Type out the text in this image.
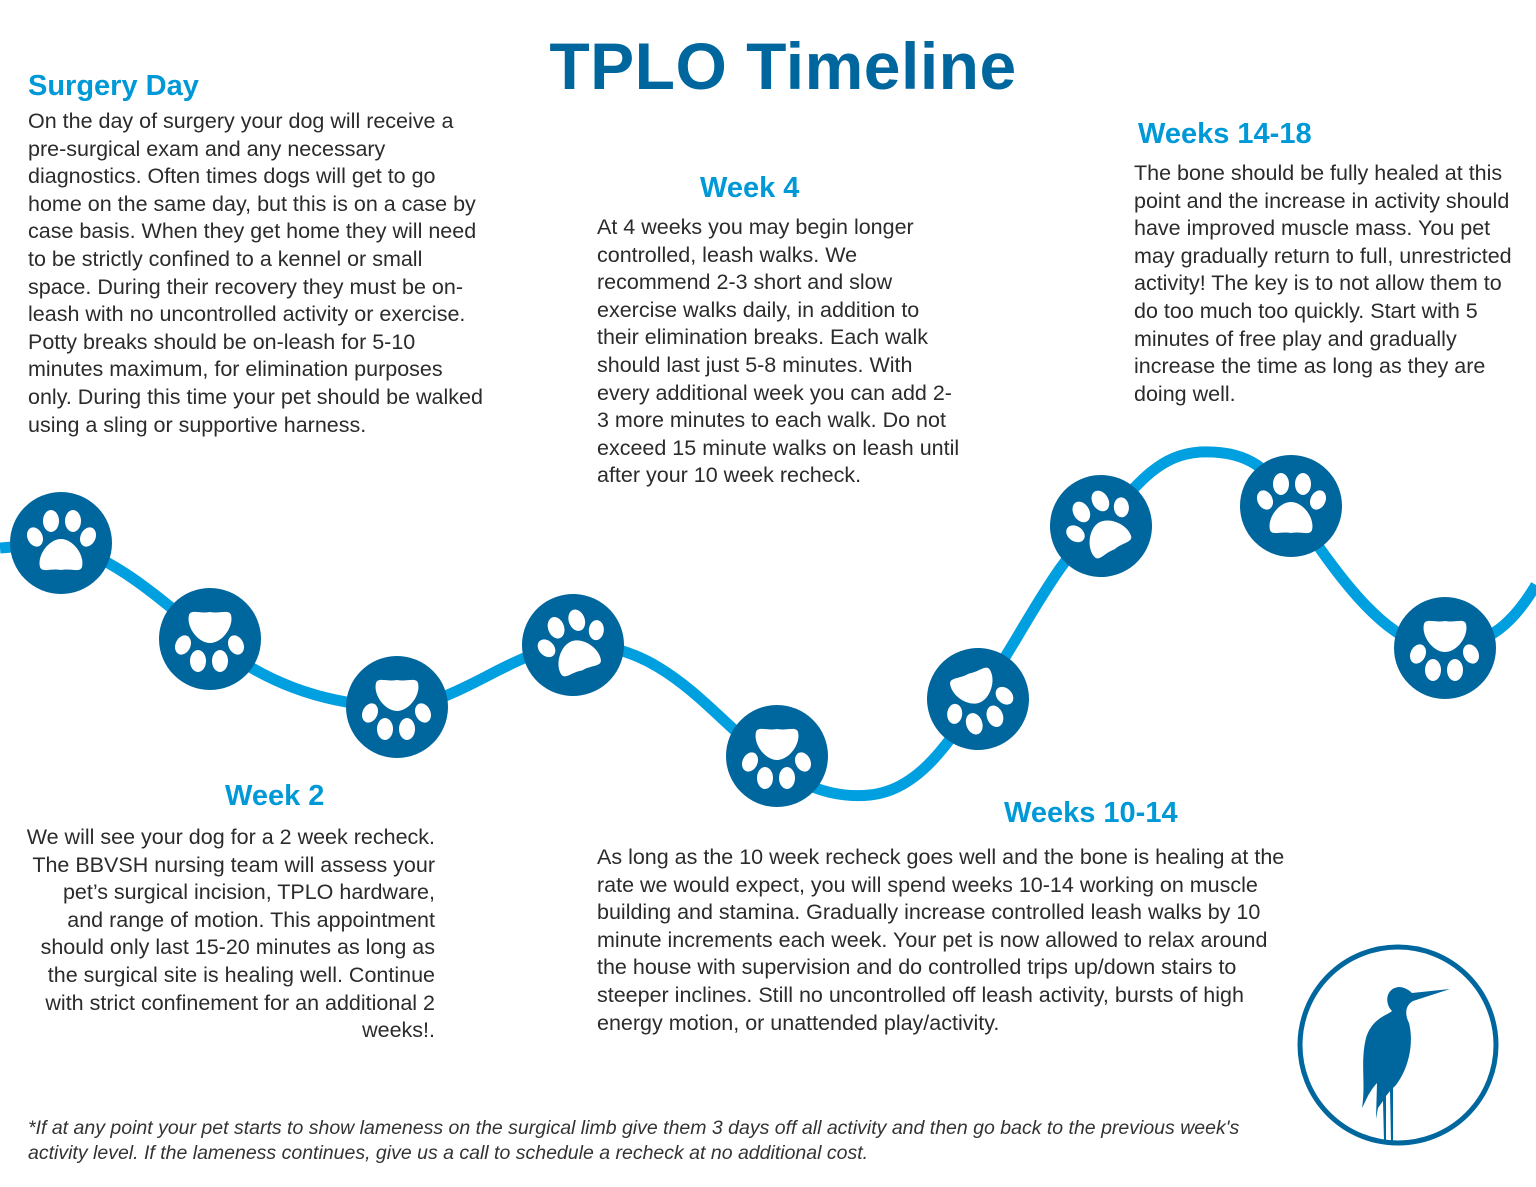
TPLO Timeline
Surgery Day

On the day of surgery your dog will receive a pre-surgical exam and any necessary diagnostics. Often times dogs will get to go home on the same day, but this is on a case by case basis. When they get home they will need to be strictly confined to a kennel or small space. During their recovery they must be on-leash with no uncontrolled activity or exercise. Potty breaks should be on-leash for 5-10 minutes maximum, for elimination purposes only. During this time your pet should be walked using a sling or supportive harness.

Week 4

At 4 weeks you may begin longer controlled, leash walks. We recommend 2-3 short and slow exercise walks daily, in addition to their elimination breaks. Each walk should last just 5-8 minutes. With every additional week you can add 2-3 more minutes to each walk. Do not exceed 15 minute walks on leash until after your 10 week recheck.

Weeks 14-18

The bone should be fully healed at this point and the increase in activity should have improved muscle mass. You pet may gradually return to full, unrestricted activity! The key is to not allow them to do too much too quickly. Start with 5 minutes of free play and gradually increase the time as long as they are doing well.

Week 2

We will see your dog for a 2 week recheck. The BBVSH nursing team will assess your pet’s surgical incision, TPLO hardware, and range of motion. This appointment should only last 15-20 minutes as long as the surgical site is healing well. Continue with strict confinement for an additional 2 weeks!.

Weeks 10-14

As long as the 10 week recheck goes well and the bone is healing at the rate we would expect, you will spend weeks 10-14 working on muscle building and stamina. Gradually increase controlled leash walks by 10 minute increments each week. Your pet is now allowed to relax around the house with supervision and do controlled trips up/down stairs to steeper inclines. Still no uncontrolled off leash activity, bursts of high energy motion, or unattended play/activity.

*If at any point your pet starts to show lameness on the surgical limb give them 3 days off all activity and then go back to the previous week's activity level. If the lameness continues, give us a call to schedule a recheck at no additional cost.
